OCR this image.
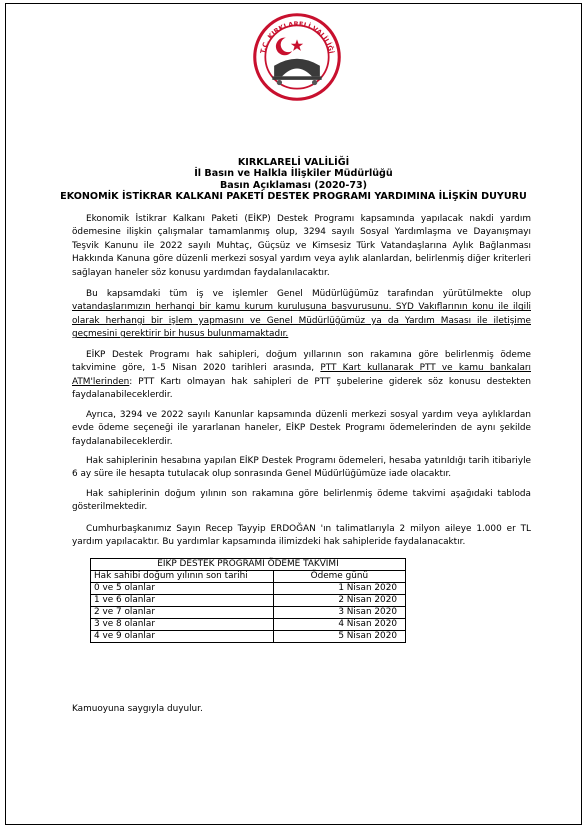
T.C. KIRKLARELİ VALİLİĞİ
KIRKLARELİ VALİLİĞİ
İl Basın ve Halkla İlişkiler Müdürlüğü
Basın Açıklaması (2020-73)
EKONOMİK İSTİKRAR KALKANI PAKETİ DESTEK PROGRAMI YARDIMINA İLİŞKİN DUYURU

Ekonomik İstikrar Kalkanı Paketi (EİKP) Destek Programı kapsamında yapılacak nakdi yardım ödemesine ilişkin çalışmalar tamamlanmış olup, 3294 sayılı Sosyal Yardımlaşma ve Dayanışmayı Teşvik Kanunu ile 2022 sayılı Muhtaç, Güçsüz ve Kimsesiz Türk Vatandaşlarına Aylık Bağlanması Hakkında Kanuna göre düzenli merkezi sosyal yardım veya aylık alanlardan, belirlenmiş diğer kriterleri sağlayan haneler söz konusu yardımdan faydalanılacaktır.

Bu kapsamdaki tüm iş ve işlemler Genel Müdürlüğümüz tarafından yürütülmekte olup vatandaşlarımızın herhangi bir kamu kurum kuruluşuna başvurusunu. SYD Vakıflarının konu ile ilgili olarak herhangi bir işlem yapmasını ve Genel Müdürlüğümüz ya da Yardım Masası ile iletişime geçmesini gerektirir bir husus bulunmamaktadır.

EİKP Destek Programı hak sahipleri, doğum yıllarının son rakamına göre belirlenmiş ödeme takvimine göre, 1-5 Nisan 2020 tarihleri arasında, PTT Kart kullanarak PTT ve kamu bankaları ATM'lerinden: PTT Kartı olmayan hak sahipleri de PTT şubelerine giderek söz konusu destekten faydalanabileceklerdir.

Ayrıca, 3294 ve 2022 sayılı Kanunlar kapsamında düzenli merkezi sosyal yardım veya aylıklardan evde ödeme seçeneği ile yararlanan haneler, EİKP Destek Programı ödemelerinden de aynı şekilde faydalanabileceklerdir.

Hak sahiplerinin hesabına yapılan EİKP Destek Programı ödemeleri, hesaba yatırıldığı tarih itibariyle 6 ay süre ile hesapta tutulacak olup sonrasında Genel Müdürlüğümüze iade olacaktır.

Hak sahiplerinin doğum yılının son rakamına göre belirlenmiş ödeme takvimi aşağıdaki tabloda gösterilmektedir.

Cumhurbaşkanımız Sayın Recep Tayyip ERDOĞAN 'ın talimatlarıyla 2 milyon aileye 1.000 er TL yardım yapılacaktır. Bu yardımlar kapsamında ilimizdeki hak sahipleride faydalanacaktır.

EİKP DESTEK PROGRAMI ÖDEME TAKVİMİ	
Hak sahibi doğum yılının son tarihi	Ödeme günü
0 ve 5 olanlar	1 Nisan 2020
1 ve 6 olanlar	2 Nisan 2020
2 ve 7 olanlar	3 Nisan 2020
3 ve 8 olanlar	4 Nisan 2020
4 ve 9 olanlar	5 Nisan 2020

Kamuoyuna saygıyla duyulur.
